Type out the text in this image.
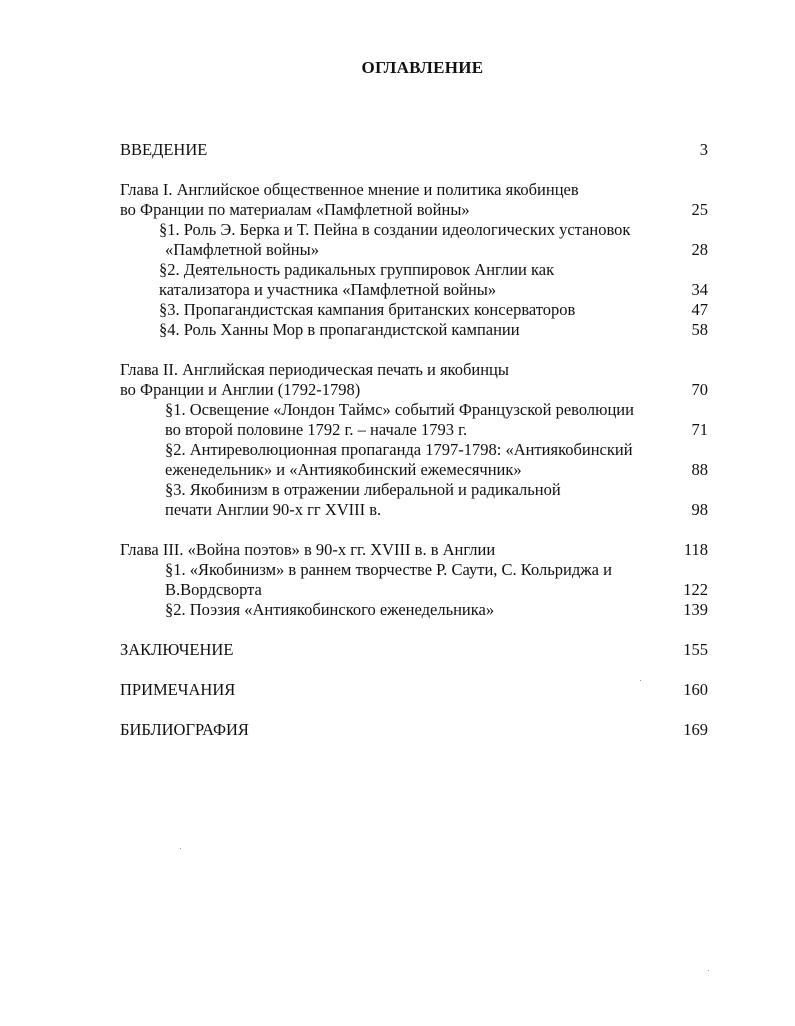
ОГЛАВЛЕНИЕ
ВВЕДЕНИЕ	3
Глава I. Английское общественное мнение и политика якобинцев
во Франции по материалам «Памфлетной войны»	25
§1. Роль Э. Берка и Т. Пейна в создании идеологических установок
«Памфлетной войны»	28
§2. Деятельность радикальных группировок Англии как
катализатора и участника «Памфлетной войны»	34
§3. Пропагандистская кампания британских консерваторов	47
§4. Роль Ханны Мор в пропагандистской кампании	58
Глава II. Английская периодическая печать и якобинцы
во Франции и Англии (1792-1798)	70
§1. Освещение «Лондон Таймс» событий Французской революции
во второй половине 1792 г. – начале 1793 г.	71
§2. Антиреволюционная пропаганда 1797-1798: «Антиякобинский
еженедельник» и «Антиякобинский ежемесячник»	88
§3. Якобинизм в отражении либеральной и радикальной
печати Англии 90-х гг XVIII в.	98
Глава III. «Война поэтов» в 90-х гг. XVIII в. в Англии	118
§1. «Якобинизм» в раннем творчестве Р. Саути, С. Кольриджа и
В.Вордсворта	122
§2. Поэзия «Антиякобинского еженедельника»	139
ЗАКЛЮЧЕНИЕ	155
ПРИМЕЧАНИЯ	160
БИБЛИОГРАФИЯ	169
